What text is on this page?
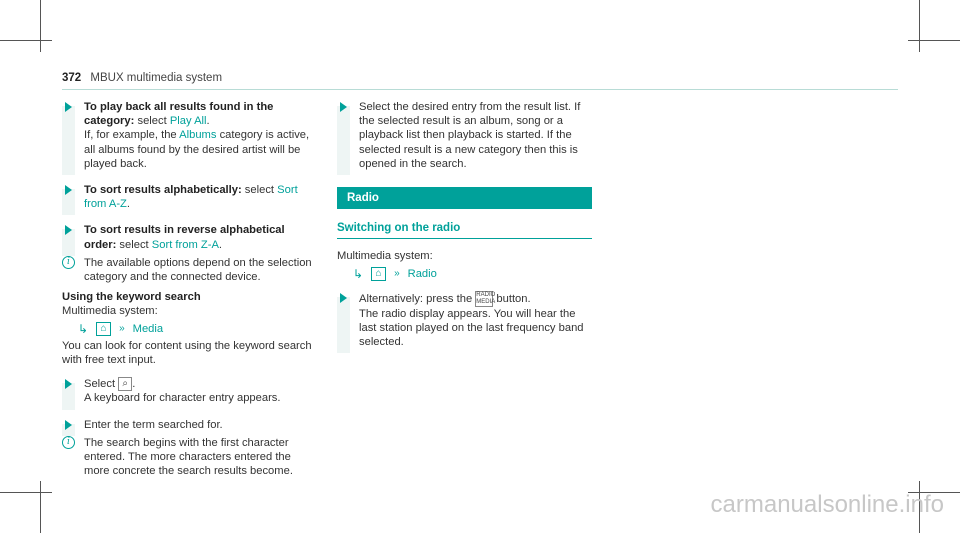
372 MBUX multimedia system
To play back all results found in the category: select Play All.
If, for example, the Albums category is active, all albums found by the desired artist will be played back.
To sort results alphabetically: select Sort from A-Z.
To sort results in reverse alphabetical order: select Sort from Z-A.
i	The available options depend on the selection category and the connected device.
Using the keyword search
Multimedia system:
↳	⌂	» Media
You can look for content using the keyword search with free text input.
Select ⌕ .
A keyboard for character entry appears.
Enter the term searched for.
i	The search begins with the first character entered. The more characters entered the more concrete the search results become.
Select the desired entry from the result list. If the selected result is an album, song or a playback list then playback is started. If the selected result is a new category then this is opened in the search.
Radio
Switching on the radio
Multimedia system:
↳	⌂	» Radio
Alternatively: press the RADIO MEDIA button.
The radio display appears. You will hear the last station played on the last frequency band selected.
carmanualsonline.info
